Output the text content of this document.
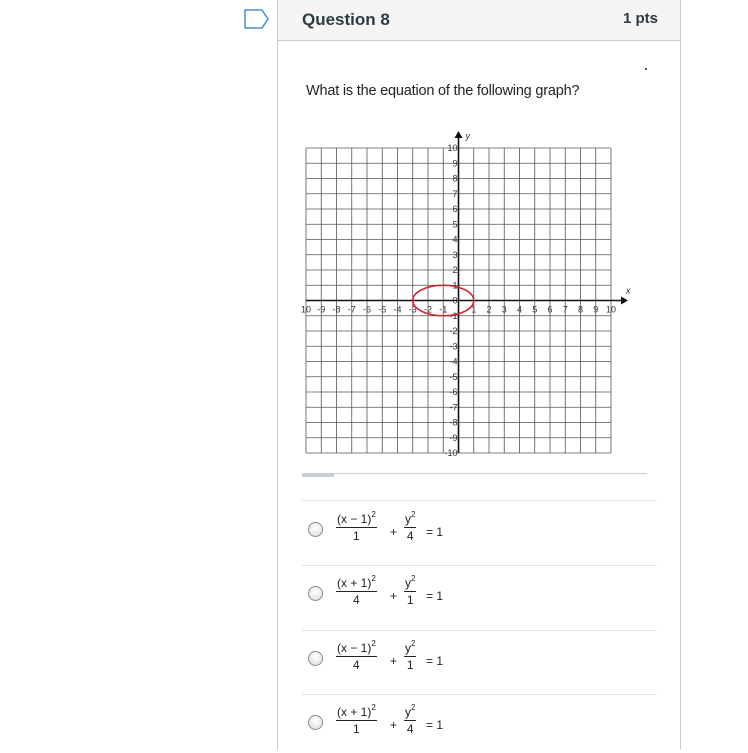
Question 8	1 pts
What is the equation of the following graph?
x
y
10 -9 -8 -7 -6 -5 -4 -3 -2 -1	1 2 3 4 5 6 7 8 9 10
10
9
8
7
6
5
4
3
2
1
0
-1
-2
-3
-4
-5
-6
-7
-8
-9
-10
$\frac{(x - 1)^2}{1} + \frac{y^2}{4} = 1$
$\frac{(x + 1)^2}{4} + \frac{y^2}{1} = 1$
$\frac{(x - 1)^2}{4} + \frac{y^2}{1} = 1$
$\frac{(x + 1)^2}{1} + \frac{y^2}{4} = 1$
